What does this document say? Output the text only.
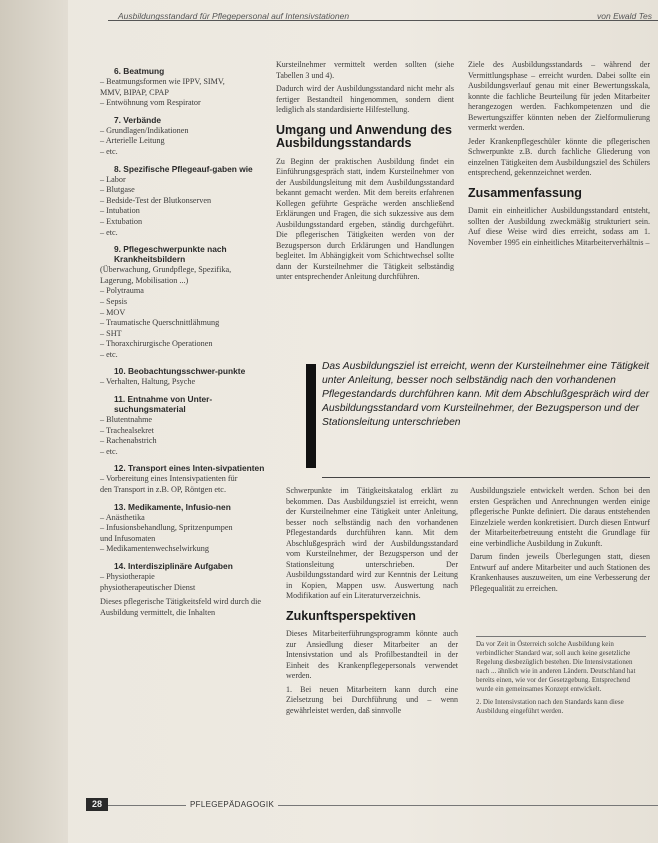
Ausbildungsstandard für Pflegepersonal auf Intensivstationen	von Ewald Tes
6. Beatmung
– Beatmungsformen wie IPPV, SIMV,
MMV, BIPAP, CPAP
– Entwöhnung vom Respirator
7. Verbände
– Grundlagen/Indikationen
– Arterielle Leitung
– etc.
8. Spezifische Pflegeauf-gaben wie
– Labor
– Blutgase
– Bedside-Test der Blutkonserven
– Intubation
– Extubation
– etc.
9. Pflegeschwerpunkte nach Krankheitsbildern
(Überwachung, Grundpflege, Spezifika,
Lagerung, Mobilisation ...)
– Polytrauma
– Sepsis
– MOV
– Traumatische Querschnittlähmung
– SHT
– Thoraxchirurgische Operationen
– etc.
10. Beobachtungsschwer-punkte
– Verhalten, Haltung, Psyche
11. Entnahme von Unter-suchungsmaterial
– Blutentnahme
– Trachealsekret
– Rachenabstrich
– etc.
12. Transport eines Inten-sivpatienten
– Vorbereitung eines Intensivpatienten für
den Transport in z.B. OP, Röntgen etc.
13. Medikamente, Infusio-nen
– Anästhetika
– Infusionsbehandlung, Spritzenpumpen
und Infusomaten
– Medikamentenwechselwirkung
14. Interdisziplinäre Aufgaben
– Physiotherapie
physiotherapeutischer Dienst
Dieses pflegerische Tätigkeitsfeld wird durch die Ausbildung vermittelt, die Inhalten

Kursteilnehmer vermittelt werden sollten (siehe Tabellen 3 und 4).

Dadurch wird der Ausbildungsstandard nicht mehr als fertiger Bestandteil hingenommen, sondern dient lediglich als standardisierte Hilfestellung.

Umgang und Anwendung des Ausbildungsstandards

Zu Beginn der praktischen Ausbildung findet ein Einführungsgespräch statt, indem Kursteilnehmer von der Ausbildungsleitung mit dem Ausbildungsstandard bekannt gemacht werden. Mit dem bereits erfahrenen Kollegen geführte Gespräche werden anschließend Erklärungen und Fragen, die sich sukzessive aus dem Ausbildungsstandard ergeben, ständig durchgeführt. Die pflegerischen Tätigkeiten werden von der Bezugsperson durch Erklärungen und Handlungen begleitet. Im Abhängigkeit vom Schichtwechsel sollte dann der Kursteilnehmer die Tätigkeit selbständig unter entsprechender Anleitung durchführen.

Ziele des Ausbildungsstandards – während der Vermittlungsphase – erreicht wurden. Dabei sollte ein Ausbildungsverlauf genau mit einer Bewertungsskala, konnte die fachliche Beurteilung für jeden Mitarbeiter herangezogen werden. Fachkompetenzen und die Bewertungsziffer könnten neben der Zielformulierung vermerkt werden.

Jeder Krankenpflegeschüler könnte die pflegerischen Schwerpunkte z.B. durch fachliche Gliederung von einzelnen Tätigkeiten dem Ausbildungsziel des Schülers entsprechend, gekennzeichnet werden.

Zusammenfassung

Damit ein einheitlicher Ausbildungsstandard entsteht, sollten der Ausbildung zweckmäßig strukturiert sein. Auf diese Weise wird dies erreicht, sodass am 1. November 1995 ein einheitliches Mitarbeiterverhältnis –

Das Ausbildungsziel ist erreicht, wenn der Kursteilnehmer eine Tätigkeit unter Anleitung, besser noch selbständig nach den vorhandenen Pflegestandards durchführen kann. Mit dem Abschlußgespräch wird der Ausbildungsstandard vom Kursteilnehmer, der Bezugsperson und der Stationsleitung unterschrieben

Schwerpunkte im Tätigkeitskatalog erklärt zu bekommen. Das Ausbildungsziel ist erreicht, wenn der Kursteilnehmer eine Tätigkeit unter Anleitung, besser noch selbständig nach den vorhandenen Pflegestandards durchführen kann. Mit dem Abschlußgespräch wird der Ausbildungsstandard vom Kursteilnehmer, der Bezugsperson und der Stationsleitung unterschrieben. Der Ausbildungsstandard wird zur Kenntnis der Leitung in Kopien, Mappen usw. Auswertung nach Modifikation auf ein Literaturverzeichnis.

Zukunftsperspektiven

Dieses Mitarbeiterführungsprogramm könnte auch zur Ansiedlung dieser Mitarbeiter an der Intensivstation und als Profilbestandteil in der Einheit des Krankenpflegepersonals verwendet werden.

1. Bei neuen Mitarbeitern kann durch eine Zielsetzung bei Durchführung und – wenn gewährleistet werden, daß sinnvolle

Ausbildungsziele entwickelt werden. Schon bei den ersten Gesprächen und Anrechnungen werden einige pflegerische Punkte definiert. Die daraus entstehenden Einzelziele werden konkretisiert. Durch diesen Entwurf der Mitarbeiterbetreuung entsteht die Grundlage für eine verbindliche Ausbildung in Zukunft.

Darum finden jeweils Überlegungen statt, diesen Entwurf auf andere Mitarbeiter und auch Stationen des Krankenhauses auszuweiten, um eine Verbesserung der Pflegequalität zu erreichen.

Da vor Zeit in Österreich solche Ausbildung kein verbindlicher Standard war, soll auch keine gesetzliche Regelung diesbezüglich bestehen. Die Intensivstationen nach ... ähnlich wie in anderen Ländern. Deutschland hat bereits einen, wie vor der Gesetzgebung. Entsprechend wurde ein gemeinsames Konzept entwickelt.

2. Die Intensivstation nach den Standards kann diese Ausbildung eingeführt werden.

28	PFLEGEPÄDAGOGIK
